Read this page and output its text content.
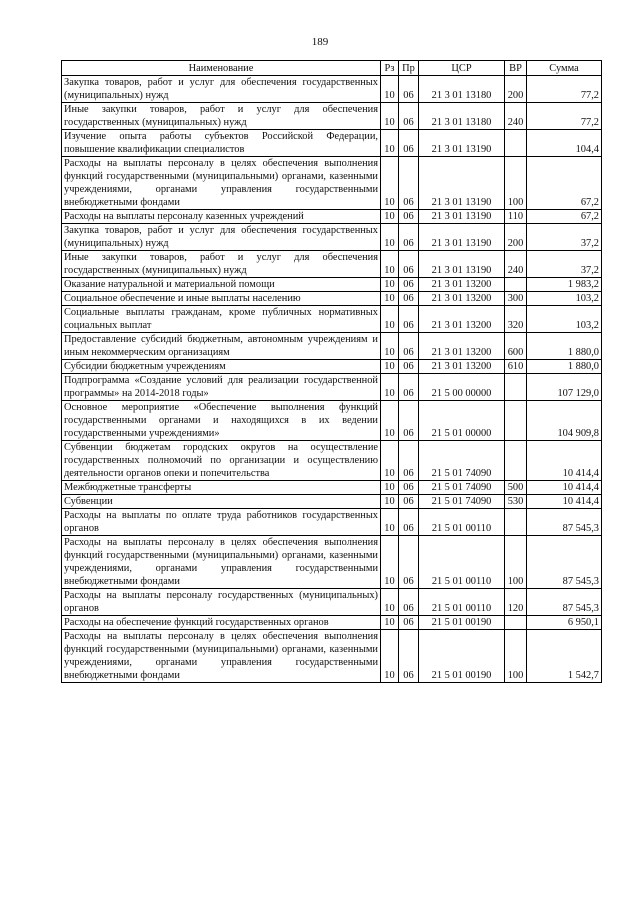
189
Наименование	Рз	Пр	ЦСР	ВР	Сумма
Закупка товаров, работ и услуг для обеспечения государственных (муниципальных) нужд	10	06	21 3 01 13180	200	77,2
Иные закупки товаров, работ и услуг для обеспечения государственных (муниципальных) нужд	10	06	21 3 01 13180	240	77,2
Изучение опыта работы субъектов Российской Федерации, повышение квалификации специалистов	10	06	21 3 01 13190		104,4
Расходы на выплаты персоналу в целях обеспечения выполнения функций государственными (муниципальными) органами, казенными учреждениями, органами управления государственными внебюджетными фондами	10	06	21 3 01 13190	100	67,2
Расходы на выплаты персоналу казенных учреждений	10	06	21 3 01 13190	110	67,2
Закупка товаров, работ и услуг для обеспечения государственных (муниципальных) нужд	10	06	21 3 01 13190	200	37,2
Иные закупки товаров, работ и услуг для обеспечения государственных (муниципальных) нужд	10	06	21 3 01 13190	240	37,2
Оказание натуральной и материальной помощи	10	06	21 3 01 13200		1 983,2
Социальное обеспечение и иные выплаты населению	10	06	21 3 01 13200	300	103,2
Социальные выплаты гражданам, кроме публичных нормативных социальных выплат	10	06	21 3 01 13200	320	103,2
Предоставление субсидий бюджетным, автономным учреждениям и иным некоммерческим организациям	10	06	21 3 01 13200	600	1 880,0
Субсидии бюджетным учреждениям	10	06	21 3 01 13200	610	1 880,0
Подпрограмма «Создание условий для реализации государственной программы» на 2014-2018 годы»	10	06	21 5 00 00000		107 129,0
Основное мероприятие «Обеспечение выполнения функций государственными органами и находящихся в их ведении государственными учреждениями»	10	06	21 5 01 00000		104 909,8
Субвенции бюджетам городских округов на осуществление государственных полномочий по организации и осуществлению деятельности органов опеки и попечительства	10	06	21 5 01 74090		10 414,4
Межбюджетные трансферты	10	06	21 5 01 74090	500	10 414,4
Субвенции	10	06	21 5 01 74090	530	10 414,4
Расходы на выплаты по оплате труда работников государственных органов	10	06	21 5 01 00110		87 545,3
Расходы на выплаты персоналу в целях обеспечения выполнения функций государственными (муниципальными) органами, казенными учреждениями, органами управления государственными внебюджетными фондами	10	06	21 5 01 00110	100	87 545,3
Расходы на выплаты персоналу государственных (муниципальных) органов	10	06	21 5 01 00110	120	87 545,3
Расходы на обеспечение функций государственных органов	10	06	21 5 01 00190		6 950,1
Расходы на выплаты персоналу в целях обеспечения выполнения функций государственными (муниципальными) органами, казенными учреждениями, органами управления государственными внебюджетными фондами	10	06	21 5 01 00190	100	1 542,7
